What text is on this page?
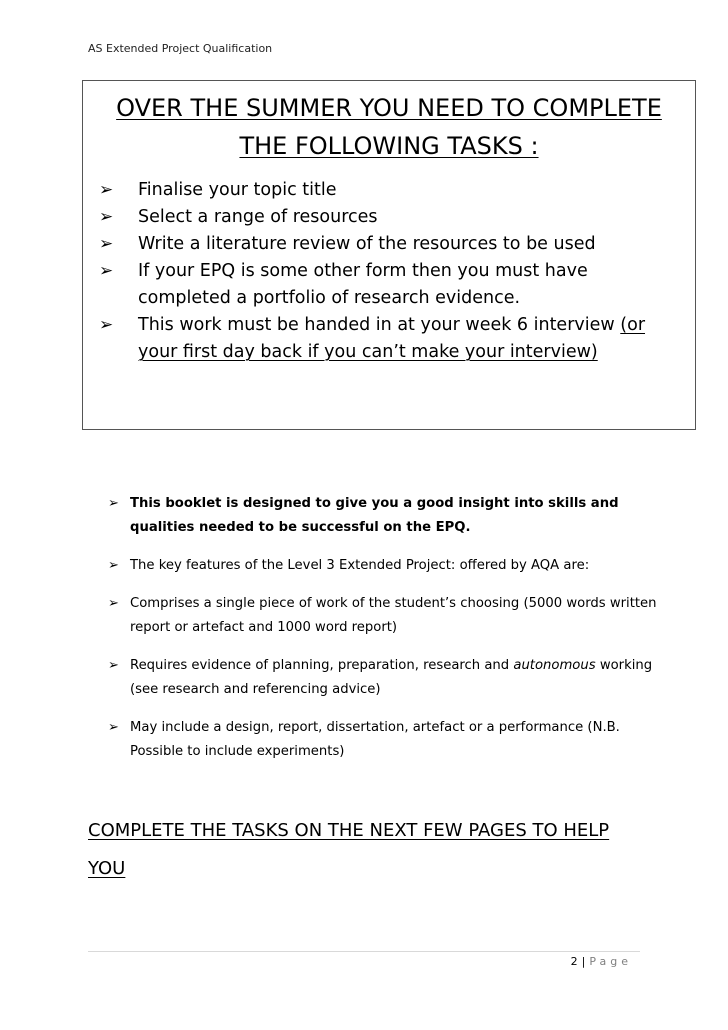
AS Extended Project Qualification
OVER THE SUMMER YOU NEED TO COMPLETE
THE FOLLOWING TASKS :
➢ Finalise your topic title
➢ Select a range of resources
➢ Write a literature review of the resources to be used
➢ If your EPQ is some other form then you must have completed a portfolio of research evidence.
➢ This work must be handed in at your week 6 interview (or your first day back if you can’t make your interview)
➢ This booklet is designed to give you a good insight into skills and qualities needed to be successful on the EPQ.
➢ The key features of the Level 3 Extended Project: offered by AQA are:
➢ Comprises a single piece of work of the student’s choosing (5000 words written report or artefact and 1000 word report)
➢ Requires evidence of planning, preparation, research and autonomous working (see research and referencing advice)
➢ May include a design, report, dissertation, artefact or a performance (N.B. Possible to include experiments)
COMPLETE THE TASKS ON THE NEXT FEW PAGES TO HELP YOU
2 | Page
